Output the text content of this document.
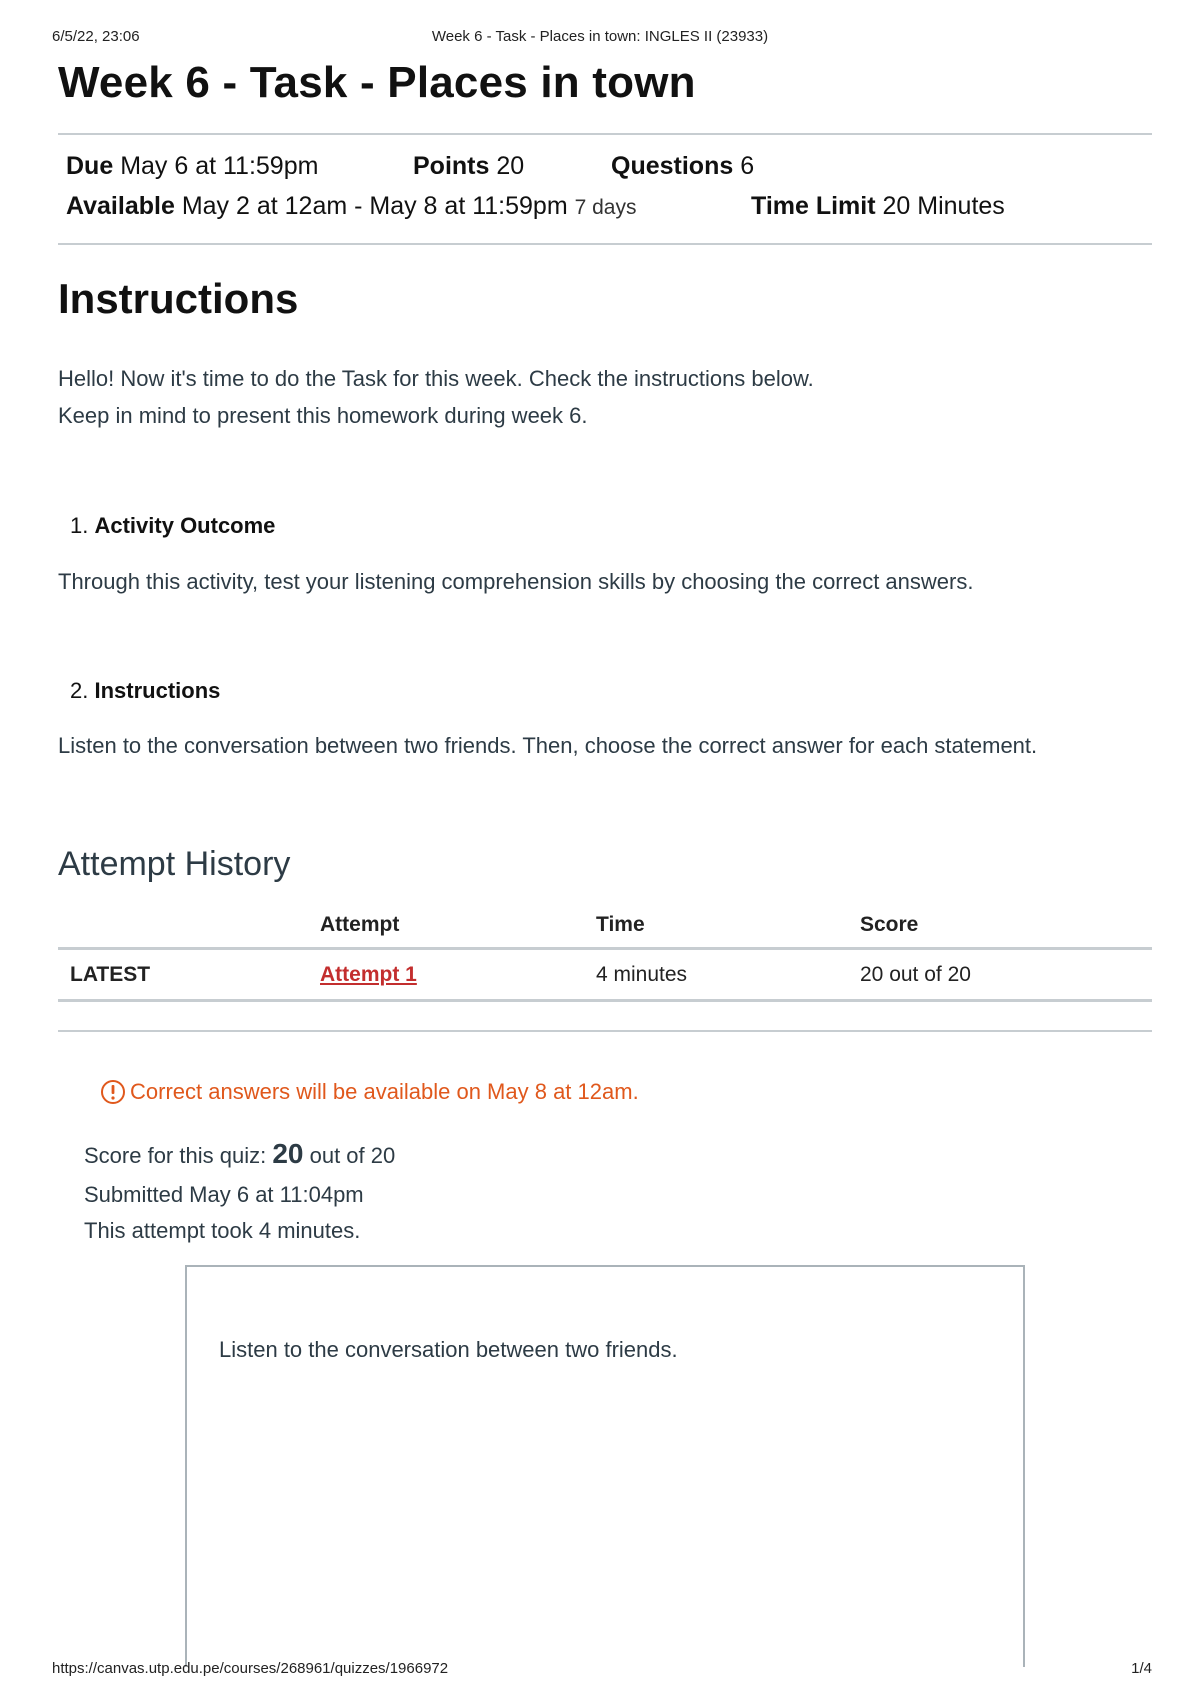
6/5/22, 23:06	Week 6 - Task - Places in town: INGLES II (23933)
Week 6 - Task - Places in town
Due May 6 at 11:59pm	Points 20	Questions 6
Available May 2 at 12am - May 8 at 11:59pm 7 days	Time Limit 20 Minutes
Instructions
Hello! Now it's time to do the Task for this week. Check the instructions below.
Keep in mind to present this homework during week 6.
1. Activity Outcome
Through this activity, test your listening comprehension skills by choosing the correct answers.
2. Instructions
Listen to the conversation between two friends. Then, choose the correct answer for each statement.
Attempt History
	Attempt	Time	Score
LATEST	Attempt 1	4 minutes	20 out of 20
Correct answers will be available on May 8 at 12am.
Score for this quiz: 20 out of 20
Submitted May 6 at 11:04pm
This attempt took 4 minutes.
Listen to the conversation between two friends.
https://canvas.utp.edu.pe/courses/268961/quizzes/1966972	1/4
